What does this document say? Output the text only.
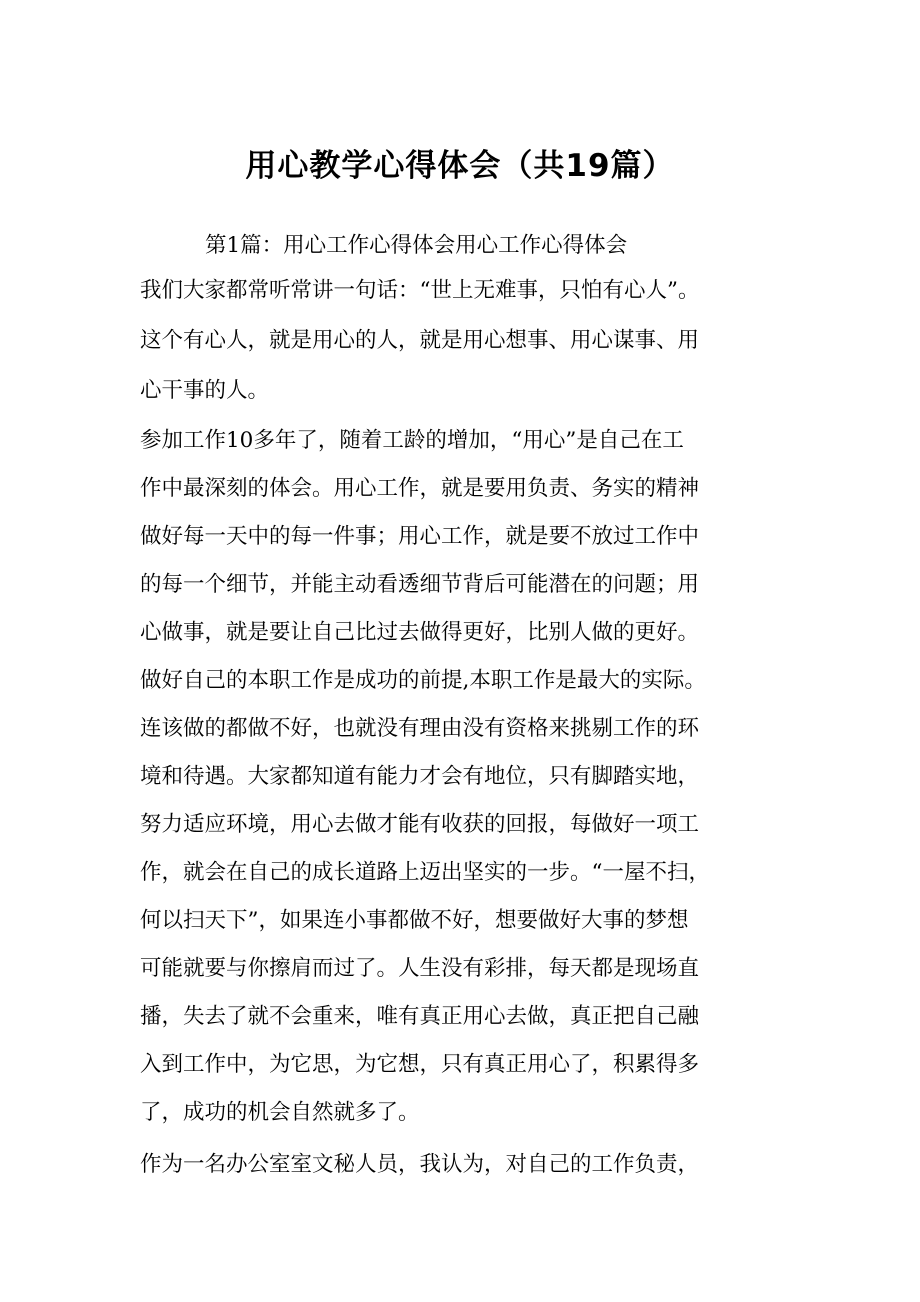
用心教学心得体会（共19篇）
第1篇：用心工作心得体会用心工作心得体会
我们大家都常听常讲一句话：“世上无难事，只怕有心人”。
这个有心人，就是用心的人，就是用心想事、用心谋事、用
心干事的人。
参加工作10多年了，随着工龄的增加，“用心”是自己在工
作中最深刻的体会。用心工作，就是要用负责、务实的精神
做好每一天中的每一件事；用心工作，就是要不放过工作中
的每一个细节，并能主动看透细节背后可能潜在的问题；用
心做事，就是要让自己比过去做得更好，比别人做的更好。
做好自己的本职工作是成功的前提,本职工作是最大的实际。
连该做的都做不好，也就没有理由没有资格来挑剔工作的环
境和待遇。大家都知道有能力才会有地位，只有脚踏实地，
努力适应环境，用心去做才能有收获的回报，每做好一项工
作，就会在自己的成长道路上迈出坚实的一步。“一屋不扫，
何以扫天下”，如果连小事都做不好，想要做好大事的梦想
可能就要与你擦肩而过了。人生没有彩排，每天都是现场直
播，失去了就不会重来，唯有真正用心去做，真正把自己融
入到工作中，为它思，为它想，只有真正用心了，积累得多
了，成功的机会自然就多了。
作为一名办公室室文秘人员，我认为，对自己的工作负责，
